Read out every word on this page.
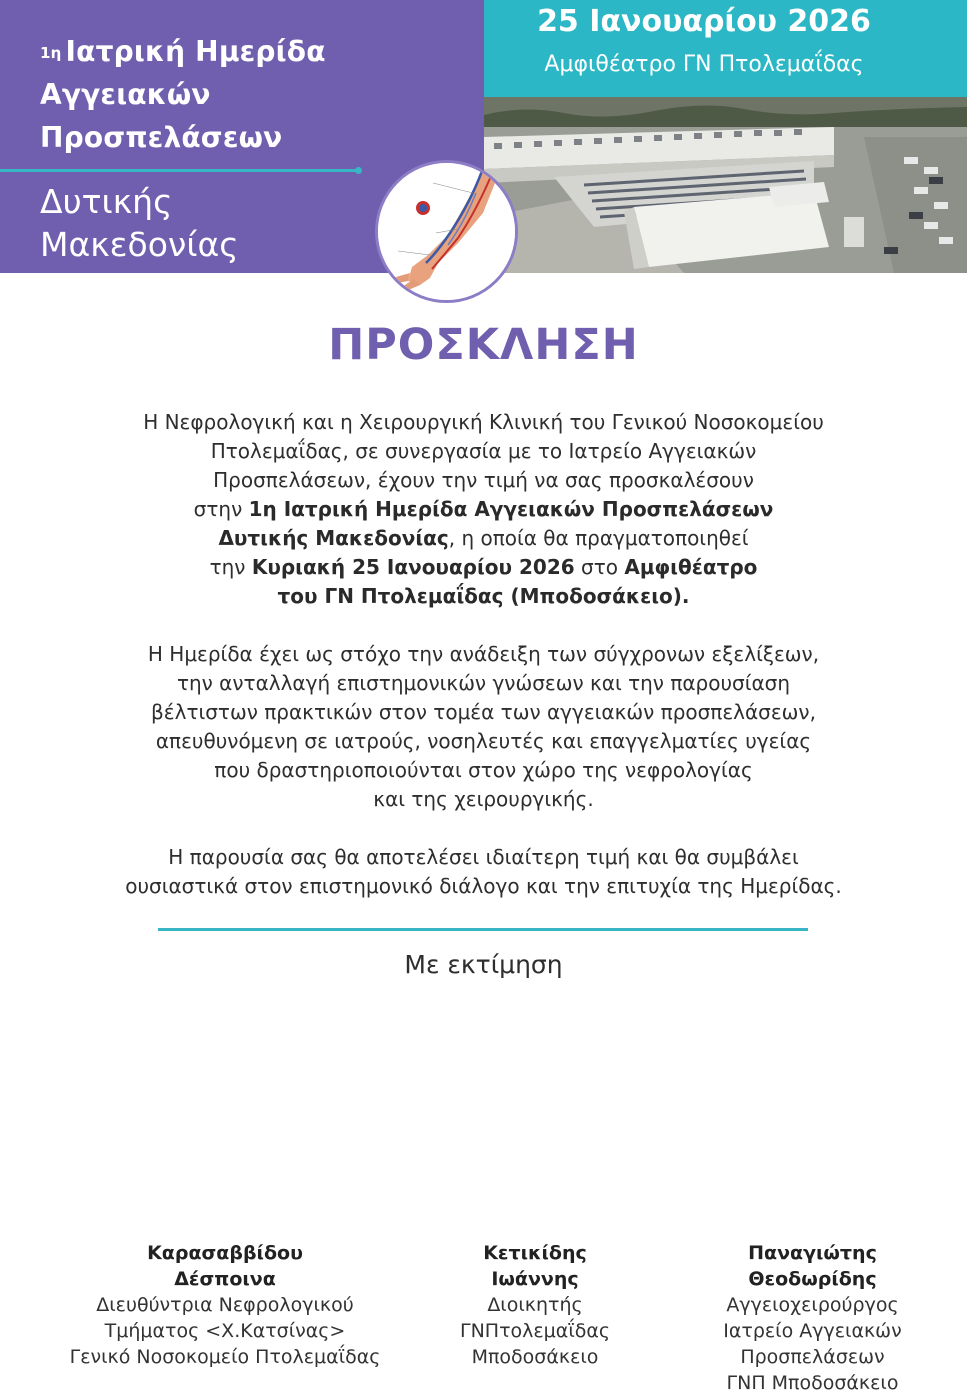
$^{1\eta}$ Ιατρική Ημερίδα
Αγγειακών
Προσπελάσεων
Δυτικής
Μακεδονίας
25 Ιανουαρίου 2026
Αμφιθέατρο ΓΝ Πτολεμαΐδας
ΠΡΟΣΚΛΗΣΗ
Η Νεφρολογική και η Χειρουργική Κλινική του Γενικού Νοσοκομείου
Πτολεμαΐδας, σε συνεργασία με το Ιατρείο Αγγειακών
Προσπελάσεων, έχουν την τιμή να σας προσκαλέσουν
στην 1η Ιατρική Ημερίδα Αγγειακών Προσπελάσεων
Δυτικής Μακεδονίας, η οποία θα πραγματοποιηθεί
την Κυριακή 25 Ιανουαρίου 2026 στο Αμφιθέατρο
του ΓΝ Πτολεμαΐδας (Μποδοσάκειο).
Η Ημερίδα έχει ως στόχο την ανάδειξη των σύγχρονων εξελίξεων,
την ανταλλαγή επιστημονικών γνώσεων και την παρουσίαση
βέλτιστων πρακτικών στον τομέα των αγγειακών προσπελάσεων,
απευθυνόμενη σε ιατρούς, νοσηλευτές και επαγγελματίες υγείας
που δραστηριοποιούνται στον χώρο της νεφρολογίας
και της χειρουργικής.
Η παρουσία σας θα αποτελέσει ιδιαίτερη τιμή και θα συμβάλει
ουσιαστικά στον επιστημονικό διάλογο και την επιτυχία της Ημερίδας.
Με εκτίμηση
Καρασαββίδου
Δέσποινα
Διευθύντρια Νεφρολογικού
Τμήματος <Χ.Κατσίνας>
Γενικό Νοσοκομείο Πτολεμαΐδας
Κετικίδης
Ιωάννης
Διοικητής
ΓΝΠτολεμαΐδας
Μποδοσάκειο
Παναγιώτης
Θεοδωρίδης
Αγγειοχειρούργος
Ιατρείο Αγγειακών
Προσπελάσεων
ΓΝΠ Μποδοσάκειο
